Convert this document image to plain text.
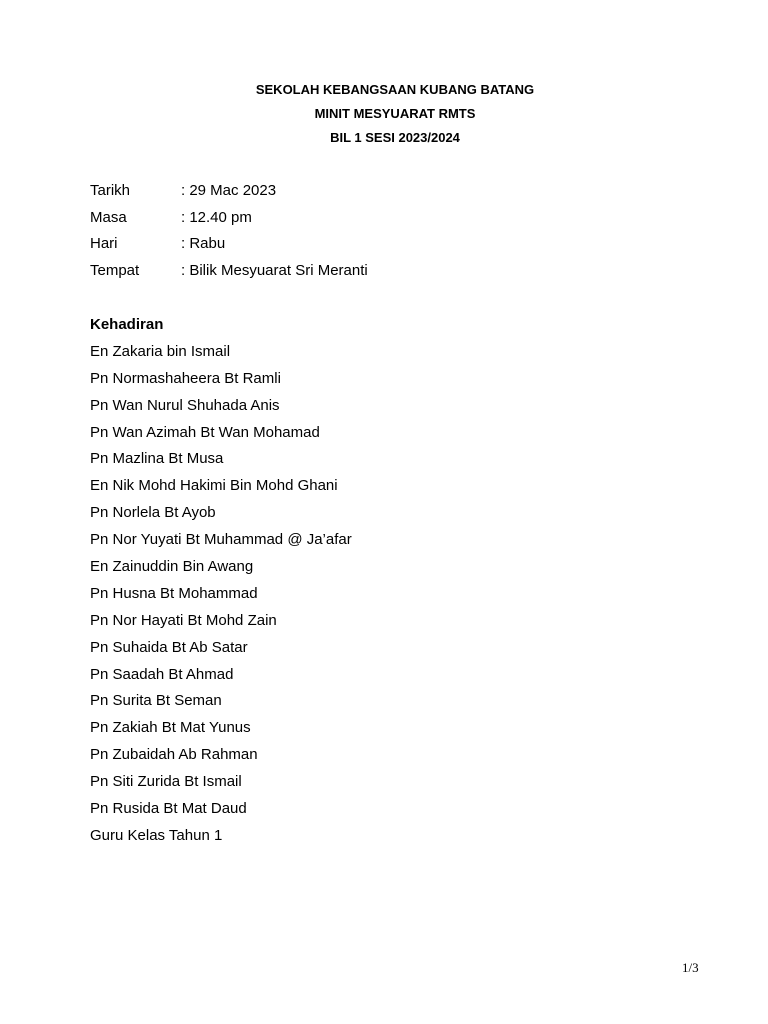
SEKOLAH KEBANGSAAN KUBANG BATANG
MINIT MESYUARAT RMTS
BIL 1 SESI 2023/2024
Tarikh	: 29 Mac 2023
Masa	: 12.40 pm
Hari	: Rabu
Tempat	: Bilik Mesyuarat Sri Meranti
Kehadiran
En Zakaria bin Ismail
Pn Normashaheera Bt Ramli
Pn Wan Nurul Shuhada Anis
Pn Wan Azimah Bt Wan Mohamad
Pn Mazlina Bt Musa
En Nik Mohd Hakimi Bin Mohd Ghani
Pn Norlela Bt Ayob
Pn Nor Yuyati Bt Muhammad @ Ja’afar
En Zainuddin Bin Awang
Pn Husna Bt Mohammad
Pn Nor Hayati Bt Mohd Zain
Pn Suhaida Bt Ab Satar
Pn Saadah Bt Ahmad
Pn Surita Bt Seman
Pn Zakiah Bt Mat Yunus
Pn Zubaidah Ab Rahman
Pn Siti Zurida Bt Ismail
Pn Rusida Bt Mat Daud
Guru Kelas Tahun 1
1/3
